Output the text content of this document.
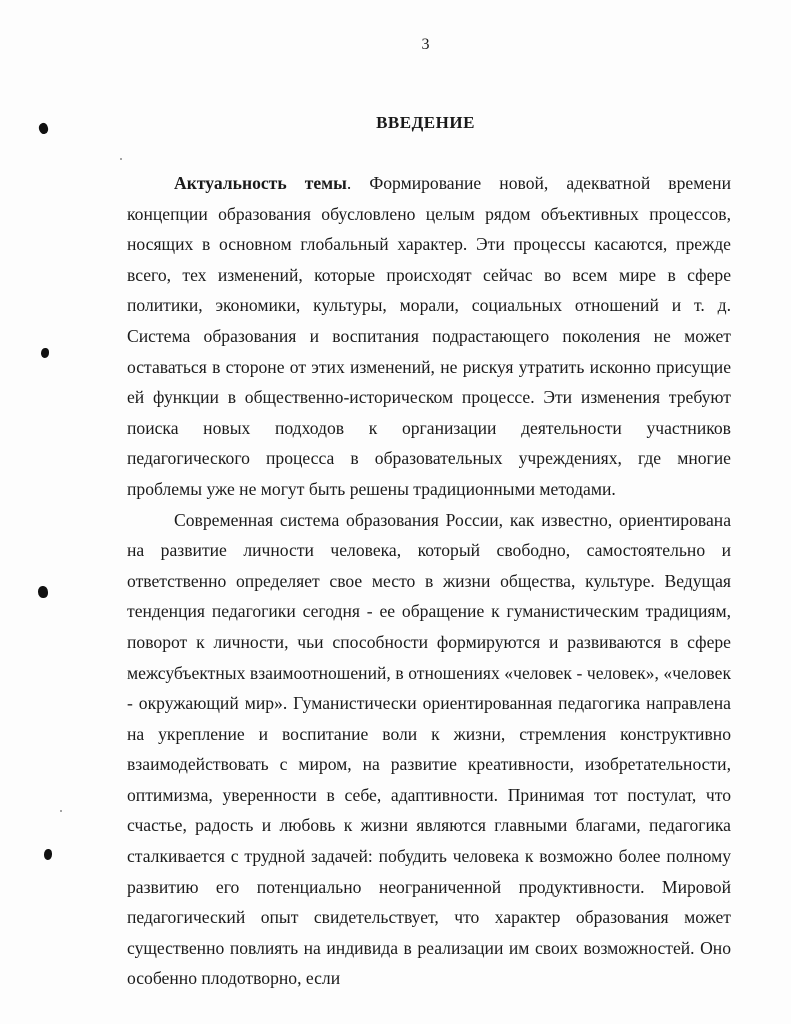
3
ВВЕДЕНИЕ

Актуальность темы. Формирование новой, адекватной времени концепции образования обусловлено целым рядом объективных процессов, носящих в основном глобальный характер. Эти процессы касаются, прежде всего, тех изменений, которые происходят сейчас во всем мире в сфере политики, экономики, культуры, морали, социальных отношений и т. д. Система образования и воспитания подрастающего поколения не может оставаться в стороне от этих изменений, не рискуя утратить исконно присущие ей функции в общественно-историческом процессе. Эти изменения требуют поиска новых подходов к организации деятельности участников педагогического процесса в образовательных учреждениях, где многие проблемы уже не могут быть решены традиционными методами.

Современная система образования России, как известно, ориентирована на развитие личности человека, который свободно, самостоятельно и ответственно определяет свое место в жизни общества, культуре. Ведущая тенденция педагогики сегодня - ее обращение к гуманистическим традициям, поворот к личности, чьи способности формируются и развиваются в сфере межсубъектных взаимоотношений, в отношениях «человек - человек», «человек - окружающий мир». Гуманистически ориентированная педагогика направлена на укрепление и воспитание воли к жизни, стремления конструктивно взаимодействовать с миром, на развитие креативности, изобретательности, оптимизма, уверенности в себе, адаптивности. Принимая тот постулат, что счастье, радость и любовь к жизни являются главными благами, педагогика сталкивается с трудной задачей: побудить человека к возможно более полному развитию его потенциально неограниченной продуктивности. Мировой педагогический опыт свидетельствует, что характер образования может существенно повлиять на индивида в реализации им своих возможностей. Оно особенно плодотворно, если
